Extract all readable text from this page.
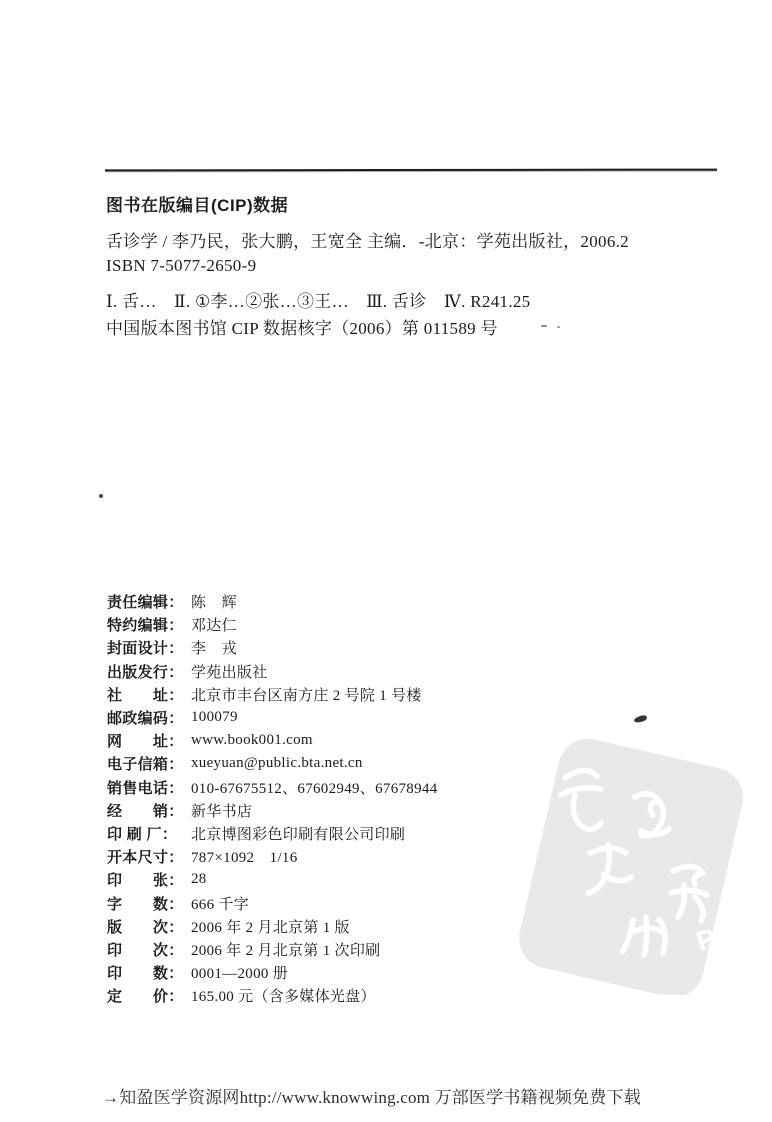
PDG
图书在版编目(CIP)数据

舌诊学 / 李乃民，张大鹏，王宽全 主编．-北京：学苑出版社，2006.2

ISBN 7-5077-2650-9

Ⅰ. 舌…　Ⅱ. ①李…②张…③王…　Ⅲ. 舌诊　Ⅳ. R241.25

中国版本图书馆 CIP 数据核字（2006）第 011589 号

责任编辑： 陈　辉
特约编辑： 邓达仁
封面设计： 李　戎
出版发行： 学苑出版社
社　　址： 北京市丰台区南方庄 2 号院 1 号楼
邮政编码： 100079
网　　址： www.book001.com
电子信箱： xueyuan@public.bta.net.cn
销售电话： 010-67675512、67602949、67678944
经　　销： 新华书店
印 刷 厂： 北京博图彩色印刷有限公司印刷
开本尺寸： 787×1092　1/16
印　　张： 28
字　　数： 666 千字
版　　次： 2006 年 2 月北京第 1 版
印　　次： 2006 年 2 月北京第 1 次印刷
印　　数： 0001—2000 册
定　　价： 165.00 元（含多媒体光盘）

→知盈医学资源网http://www.knowwing.com 万部医学书籍视频免费下载
